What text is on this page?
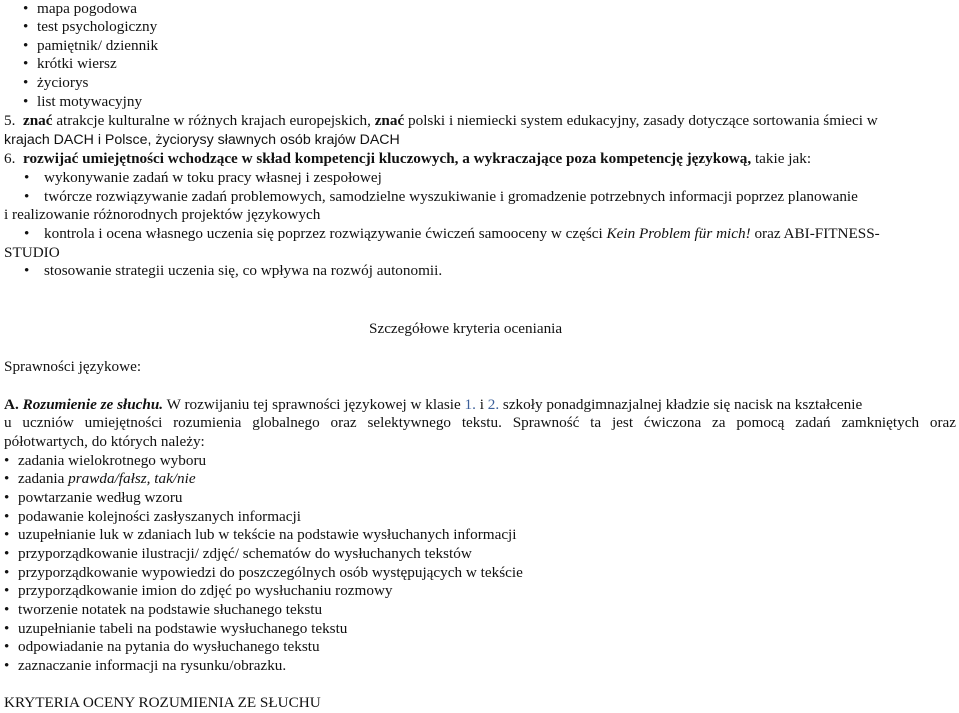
• mapa pogodowa
• test psychologiczny
• pamiętnik/ dziennik
• krótki wiersz
• życiorys
• list motywacyjny
5. znać atrakcje kulturalne w różnych krajach europejskich, znać polski i niemiecki system edukacyjny, zasady dotyczące sortowania śmieci w
krajach DACH i Polsce, życiorysy sławnych osób krajów DACH
6. rozwijać umiejętności wchodzące w skład kompetencji kluczowych, a wykraczające poza kompetencję językową, takie jak:
• wykonywanie zadań w toku pracy własnej i zespołowej
• twórcze rozwiązywanie zadań problemowych, samodzielne wyszukiwanie i gromadzenie potrzebnych informacji poprzez planowanie
i realizowanie różnorodnych projektów językowych
• kontrola i ocena własnego uczenia się poprzez rozwiązywanie ćwiczeń samooceny w części Kein Problem für mich! oraz ABI-FITNESS-
STUDIO
• stosowanie strategii uczenia się, co wpływa na rozwój autonomii.
Szczegółowe kryteria oceniania
Sprawności językowe:
A. Rozumienie ze słuchu. W rozwijaniu tej sprawności językowej w klasie 1. i 2. szkoły ponadgimnazjalnej kładzie się nacisk na kształcenie
u uczniów umiejętności rozumienia globalnego oraz selektywnego tekstu. Sprawność ta jest ćwiczona za pomocą zadań zamkniętych oraz
półotwartych, do których należy:
• zadania wielokrotnego wyboru
• zadania prawda/fałsz, tak/nie
• powtarzanie według wzoru
• podawanie kolejności zasłyszanych informacji
• uzupełnianie luk w zdaniach lub w tekście na podstawie wysłuchanych informacji
• przyporządkowanie ilustracji/ zdjęć/ schematów do wysłuchanych tekstów
• przyporządkowanie wypowiedzi do poszczególnych osób występujących w tekście
• przyporządkowanie imion do zdjęć po wysłuchaniu rozmowy
• tworzenie notatek na podstawie słuchanego tekstu
• uzupełnianie tabeli na podstawie wysłuchanego tekstu
• odpowiadanie na pytania do wysłuchanego tekstu
• zaznaczanie informacji na rysunku/obrazku.
KRYTERIA OCENY ROZUMIENIA ZE SŁUCHU
